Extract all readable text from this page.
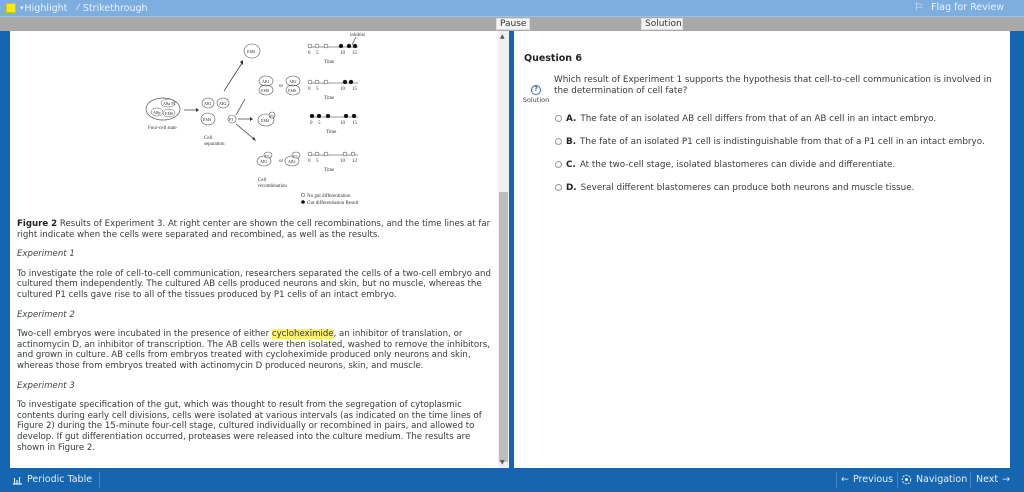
▾ Highlight ⁄ Strikethrough	⚐ Flag for Review
Pause	Solution
inhibits
ABa P2
ABp EMS
Four-cell state
AB1 AB2
EMS	P3
Cell
separation
EMS
AB1
EMS
or
AB2
EMS
EMS
P3
AB1
P3
or AB2
P3
Cell
recombination
0 5	10 15
Time
0 5	10 15
Time
0 5	10 15
Time
0 5	10 12
Time
No gut differentiation
Gut differentiation Result

Figure 2 Results of Experiment 3. At right center are shown the cell recombinations, and the time lines at far right indicate when the cells were separated and recombined, as well as the results.

Experiment 1

To investigate the role of cell-to-cell communication, researchers separated the cells of a two-cell embryo and cultured them independently. The cultured AB cells produced neurons and skin, but no muscle, whereas the cultured P1 cells gave rise to all of the tissues produced by P1 cells of an intact embryo.

Experiment 2

Two-cell embryos were incubated in the presence of either cycloheximide, an inhibitor of translation, or actinomycin D, an inhibitor of transcription. The AB cells were then isolated, washed to remove the inhibitors, and grown in culture. AB cells from embryos treated with cycloheximide produced only neurons and skin, whereas those from embryos treated with actinomycin D produced neurons, skin, and muscle.

Experiment 3

To investigate specification of the gut, which was thought to result from the segregation of cytoplasmic contents during early cell divisions, cells were isolated at various intervals (as indicated on the time lines of Figure 2) during the 15-minute four-cell stage, cultured individually or recombined in pairs, and allowed to develop. If gut differentiation occurred, proteases were released into the culture medium. The results are shown in Figure 2.

▲
▼
Question 6
?
Solution
Which result of Experiment 1 supports the hypothesis that cell-to-cell communication is involved in the determination of cell fate?
A. The fate of an isolated AB cell differs from that of an AB cell in an intact embryo.
B. The fate of an isolated P1 cell is indistinguishable from that of a P1 cell in an intact embryo.
C. At the two-cell stage, isolated blastomeres can divide and differentiate.
D. Several different blastomeres can produce both neurons and muscle tissue.
Periodic Table	← Previous Navigation Next →
